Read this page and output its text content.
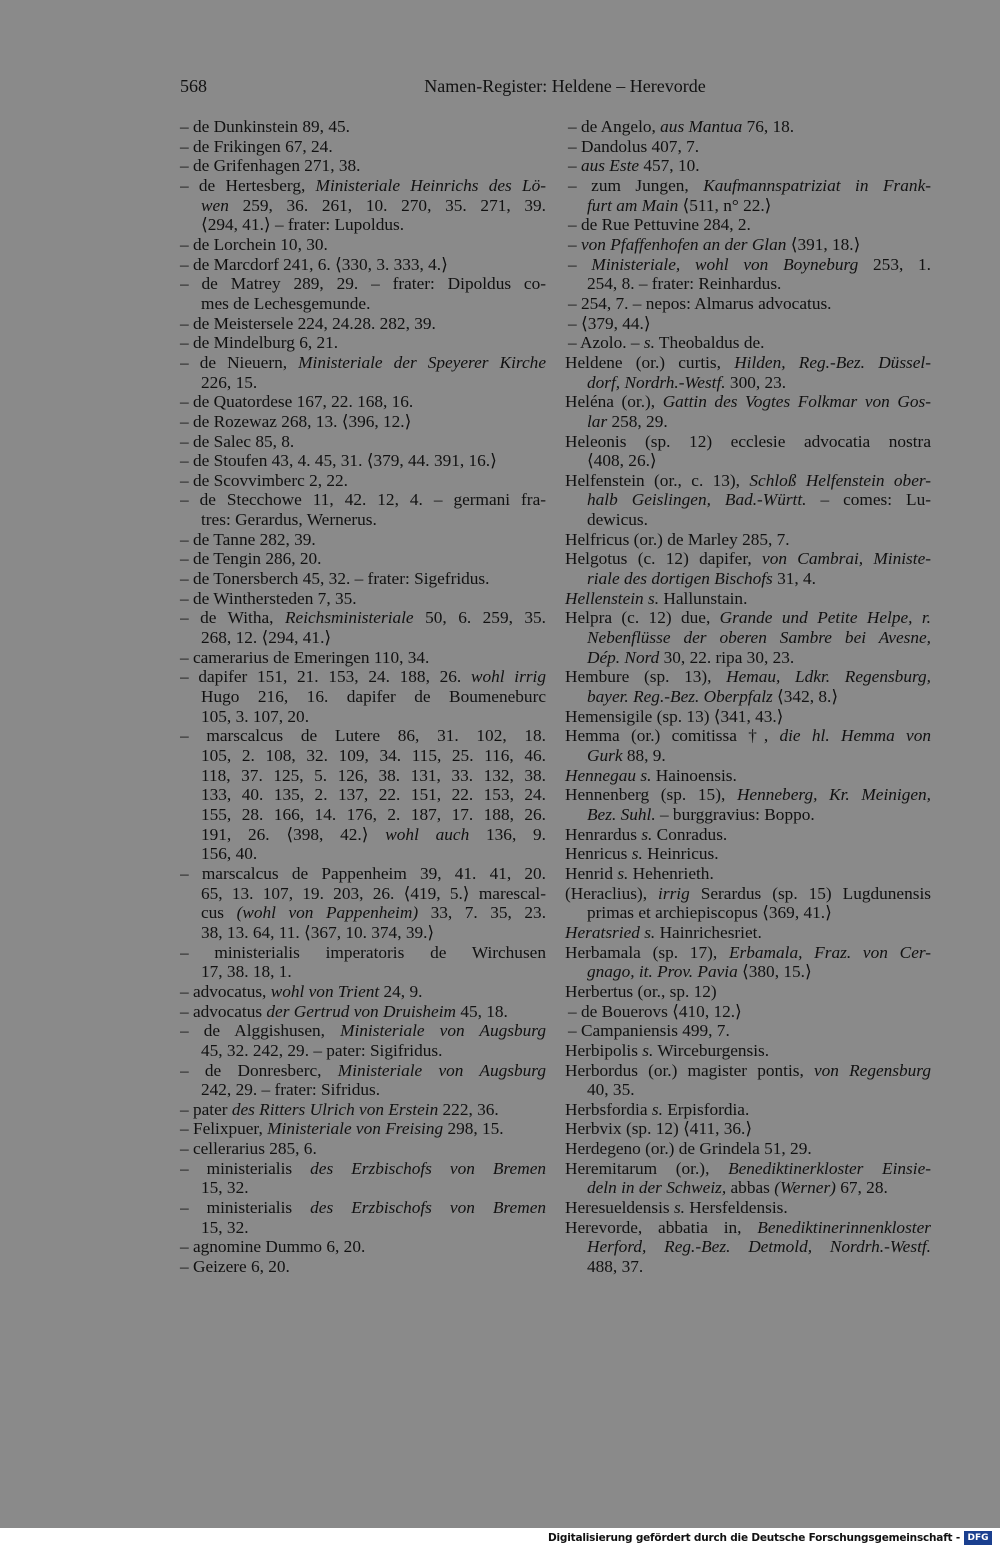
568	Namen-Register: Heldene – Herevorde
– de Dunkinstein 89, 45.
– de Frikingen 67, 24.
– de Grifenhagen 271, 38.
– de Hertesberg, Ministeriale Heinrichs des Lö-
wen 259, 36. 261, 10. 270, 35. 271, 39.
⟨294, 41.⟩ – frater: Lupoldus.
– de Lorchein 10, 30.
– de Marcdorf 241, 6. ⟨330, 3. 333, 4.⟩
– de Matrey 289, 29. – frater: Dipoldus co-
mes de Lechesgemunde.
– de Meistersele 224, 24.28. 282, 39.
– de Mindelburg 6, 21.
– de Nieuern, Ministeriale der Speyerer Kirche
226, 15.
– de Quatordese 167, 22. 168, 16.
– de Rozewaz 268, 13. ⟨396, 12.⟩
– de Salec 85, 8.
– de Stoufen 43, 4. 45, 31. ⟨379, 44. 391, 16.⟩
– de Scovvimberc 2, 22.
– de Stecchowe 11, 42. 12, 4. – germani fra-
tres: Gerardus, Wernerus.
– de Tanne 282, 39.
– de Tengin 286, 20.
– de Tonersberch 45, 32. – frater: Sigefridus.
– de Winthersteden 7, 35.
– de Witha, Reichsministeriale 50, 6. 259, 35.
268, 12. ⟨294, 41.⟩
– camerarius de Emeringen 110, 34.
– dapifer 151, 21. 153, 24. 188, 26. wohl irrig
Hugo 216, 16. dapifer de Boumeneburc
105, 3. 107, 20.
– marscalcus de Lutere 86, 31. 102, 18.
105, 2. 108, 32. 109, 34. 115, 25. 116, 46.
118, 37. 125, 5. 126, 38. 131, 33. 132, 38.
133, 40. 135, 2. 137, 22. 151, 22. 153, 24.
155, 28. 166, 14. 176, 2. 187, 17. 188, 26.
191, 26. ⟨398, 42.⟩ wohl auch 136, 9.
156, 40.
– marscalcus de Pappenheim 39, 41. 41, 20.
65, 13. 107, 19. 203, 26. ⟨419, 5.⟩ marescal-
cus (wohl von Pappenheim) 33, 7. 35, 23.
38, 13. 64, 11. ⟨367, 10. 374, 39.⟩
– ministerialis imperatoris de Wirchusen
17, 38. 18, 1.
– advocatus, wohl von Trient 24, 9.
– advocatus der Gertrud von Druisheim 45, 18.
– de Alggishusen, Ministeriale von Augsburg
45, 32. 242, 29. – pater: Sigifridus.
– de Donresberc, Ministeriale von Augsburg
242, 29. – frater: Sifridus.
– pater des Ritters Ulrich von Erstein 222, 36.
– Felixpuer, Ministeriale von Freising 298, 15.
– cellerarius 285, 6.
– ministerialis des Erzbischofs von Bremen
15, 32.
– ministerialis des Erzbischofs von Bremen
15, 32.
– agnomine Dummo 6, 20.
– Geizere 6, 20.
– de Angelo, aus Mantua 76, 18.
– Dandolus 407, 7.
– aus Este 457, 10.
– zum Jungen, Kaufmannspatriziat in Frank-
furt am Main ⟨511, n° 22.⟩
– de Rue Pettuvine 284, 2.
– von Pfaffenhofen an der Glan ⟨391, 18.⟩
– Ministeriale, wohl von Boyneburg 253, 1.
254, 8. – frater: Reinhardus.
– 254, 7. – nepos: Almarus advocatus.
– ⟨379, 44.⟩
– Azolo. – s. Theobaldus de.
Heldene (or.) curtis, Hilden, Reg.-Bez. Düssel-
dorf, Nordrh.-Westf. 300, 23.
Heléna (or.), Gattin des Vogtes Folkmar von Gos-
lar 258, 29.
Heleonis (sp. 12) ecclesie advocatia nostra
⟨408, 26.⟩
Helfenstein (or., c. 13), Schloß Helfenstein ober-
halb Geislingen, Bad.-Württ. – comes: Lu-
dewicus.
Helfricus (or.) de Marley 285, 7.
Helgotus (c. 12) dapifer, von Cambrai, Ministe-
riale des dortigen Bischofs 31, 4.
Hellenstein s. Hallunstain.
Helpra (c. 12) due, Grande und Petite Helpe, r.
Nebenflüsse der oberen Sambre bei Avesne,
Dép. Nord 30, 22. ripa 30, 23.
Hembure (sp. 13), Hemau, Ldkr. Regensburg,
bayer. Reg.-Bez. Oberpfalz ⟨342, 8.⟩
Hemensigile (sp. 13) ⟨341, 43.⟩
Hemma (or.) comitissa †, die hl. Hemma von
Gurk 88, 9.
Hennegau s. Hainoensis.
Hennenberg (sp. 15), Henneberg, Kr. Meinigen,
Bez. Suhl. – burggravius: Boppo.
Henrardus s. Conradus.
Henricus s. Heinricus.
Henrid s. Hehenrieth.
(Heraclius), irrig Serardus (sp. 15) Lugdunensis
primas et archiepiscopus ⟨369, 41.⟩
Heratsried s. Hainrichesriet.
Herbamala (sp. 17), Erbamala, Fraz. von Cer-
gnago, it. Prov. Pavia ⟨380, 15.⟩
Herbertus (or., sp. 12)
– de Bouerovs ⟨410, 12.⟩
– Campaniensis 499, 7.
Herbipolis s. Wirceburgensis.
Herbordus (or.) magister pontis, von Regensburg
40, 35.
Herbsfordia s. Erpisfordia.
Herbvix (sp. 12) ⟨411, 36.⟩
Herdegeno (or.) de Grindela 51, 29.
Heremitarum (or.), Benediktinerkloster Einsie-
deln in der Schweiz, abbas (Werner) 67, 28.
Heresueldensis s. Hersfeldensis.
Herevorde, abbatia in, Benediktinerinnenkloster
Herford, Reg.-Bez. Detmold, Nordrh.-Westf.
488, 37.
Digitalisierung gefördert durch die Deutsche Forschungsgemeinschaft - DFG
